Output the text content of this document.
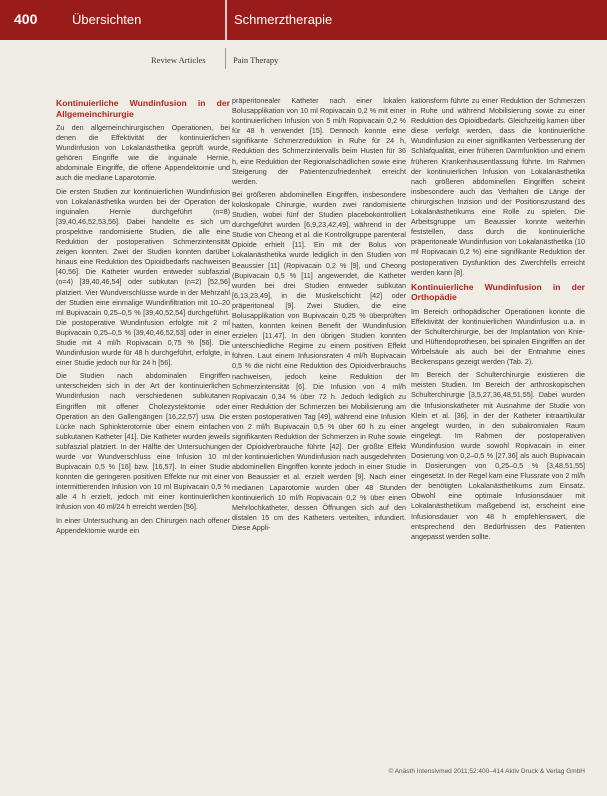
400	Übersichten	Schmerztherapie
Review Articles	Pain Therapy
Kontinuierliche Wundinfusion in der Allgemeinchirurgie

Zu den allgemeinchirurgischen Operationen, bei denen die Effektivität der kontinuierlichen Wundinfusion von Lokalanästhetika geprüft wurde, gehören Eingriffe wie die inguinale Hernie, abdominale Eingriffe, die offene Appendektomie und auch die mediane Laparotomie.

Die ersten Studien zur kontinuierlichen Wundinfusion von Lokalanästhetika wurden bei der Operation der inguinalen Hernie durchgeführt (n=8) [39,40,46,52,53,56]. Dabei handelte es sich um prospektive randomisierte Studien, die alle eine Reduktion der postoperativen Schmerzintensität zeigen konnten. Zwei der Studien konnten darüber hinaus eine Reduktion des Opioidbedarfs nachweisen [40,56]. Die Katheter wurden entweder subfaszial (n=4) [39,40,46,54] oder subkutan (n=2) [52,56] platziert. Vier Wundverschlüsse wurde in der Mehrzahl der Studien eine einmalige Wundinfiltration mit 10–20 ml Bupivacain 0,25–0,5 % [39,40,52,54] durchgeführt. Die postoperative Wundinfusion erfolgte mit 2 ml Bupivacain 0,25–0,5 % [39,40,46,52,53] oder in einer Studie mit 4 ml/h Ropivacain 0,75 % [56]. Die Wundinfusion wurde für 48 h durchgeführt, erfolgte, in einer Studie jedoch nur für 24 h [56].

Die Studien nach abdominalen Eingriffen unterscheiden sich in der Art der kontinuierlichen Wundinfusion nach verschiedenen subkutanen Eingriffen mit offener Cholezystektomie oder Operation an den Gallengängen [16,22,57] usw. Die Lücke nach Sphinkterotomie über einem einfachen subkutanen Katheter [41]. Die Katheter wurden jeweils subfaszial platziert. In der Hälfte der Untersuchungen wurde vor Wundverschluss eine Infusion 10 ml Bupivacain 0,5 % [16] bzw. [16,57]. In einer Studie konnten die geringeren positiven Effekte nur mit einer intermittierenden Infusion von 10 ml Bupivacain 0,5 % alle 4 h erzielt, jedoch mit einer kontinuierlichen Infusion von 40 ml/24 h erreicht werden [56].

In einer Untersuchung an den Chirurgen nach offener Appendektomie wurde ein

präperitonealer Katheter nach einer lokalen Bolusapplikation von 10 ml Ropivacain 0,2 % mit einer kontinuierlichen Infusion von 5 ml/h Ropivacain 0,2 % für 48 h verwendet [15]. Dennoch konnte eine signifikante Schmerzreduktion in Ruhe für 24 h, Reduktion des Schmerzintervalls beim Husten für 36 h, eine Reduktion der Regionalschädlichen sowie eine Steigerung der Patientenzufriedenheit erreicht werden.

Bei größeren abdominellen Eingriffen, insbesondere koloskopale Chirurgie, wurden zwei randomisierte Studien, wobei fünf der Studien placebokontrolliert durchgeführt wurden [6,9,23,42,49], während in der Studie von Cheong et al. die Kontrollgruppe parenteral Opioide erhielt [11]. Ein mit der Bolus von Lokalanästhetika wurde lediglich in den Studien von Beaussier [11] (Ropivacain 0,2 % [9], und Cheong (Bupivacain 0,5 % [11] angewendet, die Katheter wurden bei drei Studien entweder subkutan [6,13,23,49], in die Muskelschicht [42] oder präperitoneal [9]. Zwei Studien, die eine Bolusapplikation von Bupivacain 0,25 % überprüften hatten, konnten keinen Benefit der Wundinfusion erzielen [11,47]. In den übrigen Studien konnten unterschiedliche Regime zu einem positiven Effekt führen. Laut einem Infusionsraten 4 ml/h Bupivacain 0,5 % die nicht eine Reduktion des Opioidverbrauchs nachweisen, jedoch keine Reduktion der Schmerzintensität [6]. Die Infusion von 4 ml/h Ropivacain 0,34 % über 72 h. Jedoch lediglich zu einer Reduktion der Schmerzen bei Mobilisierung am ersten postoperativen Tag [49], während eine Infusion von 2 ml/h Bupivacain 0,5 % über 60 h zu einer signifikanten Reduktion der Schmerzen in Ruhe sowie der Opioidverbrauche führte [42]. Der größte Effekt der kontinuierlichen Wundinfusion nach ausgedehnten abdominellen Eingriffen konnte jedoch in einer Studie von Beaussier et al. erzielt werden [9]. Nach einer medianen Laparotomie wurden über 48 Stunden kontinuierlich 10 ml/h Ropivacain 0,2 % über einen Mehrlochkatheter, dessen Öffnungen sich auf den distalen 15 cm des Katheters verteilten, infundiert. Diese Appli-

kationsform führte zu einer Reduktion der Schmerzen in Ruhe und während Mobilisierung sowie zu einer Reduktion des Opioidbedarfs. Gleichzeitig kamen über diese verfolgt werden, dass die kontinuierliche Wundinfusion zu einer signifikanten Verbesserung der Schlafqualität, einer früheren Darmfunktion und einem früheren Krankenhausentlassung führte. Im Rahmen der kontinuierlichen Infusion von Lokalanästhetika nach größeren abdominellen Eingriffen scheint insbesondere auch das Verhalten die Länge der chirurgischen Inzision und der Positionszustand des Lokalanästhetikums eine Rolle zu spielen. Die Arbeitsgruppe um Beaussier konnte weiterhin feststellen, dass durch die kontinuierliche präperitoneale Wundinfusion von Lokalanästhetika (10 ml Ropivacain 0,2 %) eine signifikante Reduktion der postoperativen Dysfunktion des Zwerchfells erreicht werden kann [8].

Kontinuierliche Wundinfusion in der Orthopädie

Im Bereich orthopädischer Operationen konnte die Effektivität der kontinuierlichen Wundinfusion u.a. in der Schulterchirurgie, bei der Implantation von Knie- und Hüftendoprothesen, bei spinalen Eingriffen an der Wirbelsäule als auch bei der Entnahme eines Beckenspans gezeigt werden (Tab. 2).

Im Bereich der Schulterchirurgie existieren die meisten Studien. Im Bereich der arthroskopischen Schulterchirurgie [3,5,27,36,48,51,55]. Dabei wurden die Infusionskatheter mit Ausnahme der Studie von Klein et al. [36], in der der Katheter intraartikulär angelegt wurden, in den subakromialen Raum eingelegt. Im Rahmen der postoperativen Wundinfusion wurde sowohl Ropivacain in einer Dosierung von 0,2–0,5 % [27,36] als auch Bupivacain in Dosierungen von 0,25–0,5 % [3,48,51,55] eingesetzt. In der Regel kam eine Flussrate von 2 ml/h der benötigten Lokalanästhetikums zum Einsatz. Obwohl eine optimale Infusionsdauer mit Lokalanästhetikum maßgebend ist, erscheint eine Infusionsdauer von 48 h empfehlenswert, die entsprechend den Bedürfnissen des Patienten angepasst werden sollte.

© Anästh Intensivmed 2011;52:400–414 Aktiv Druck & Verlag GmbH
